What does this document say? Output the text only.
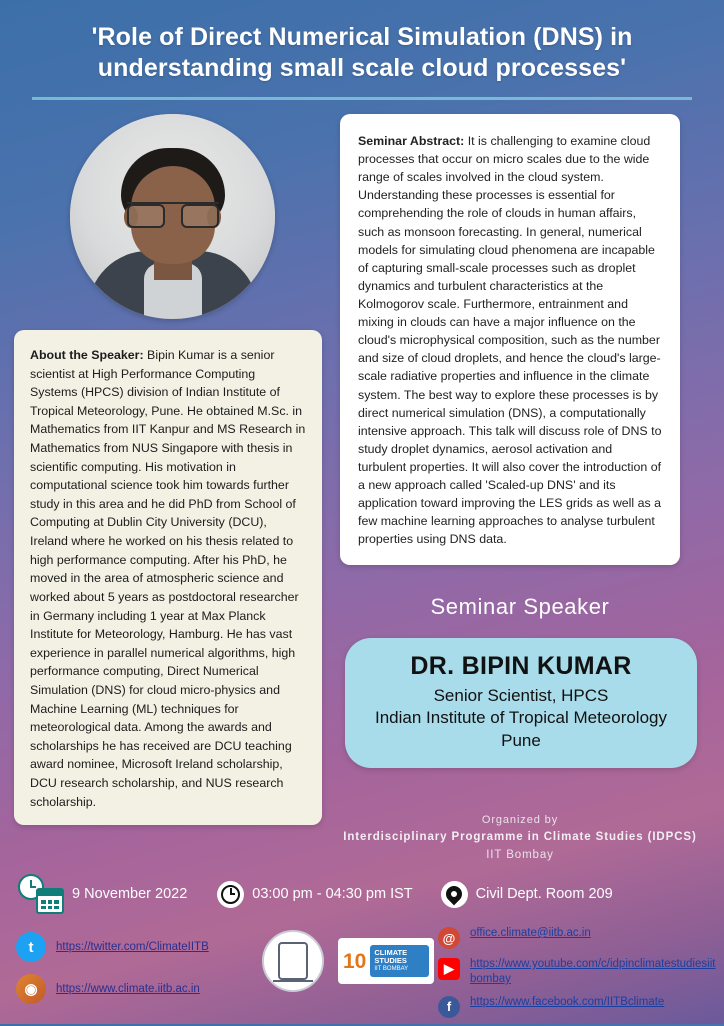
'Role of Direct Numerical Simulation (DNS) in understanding small scale cloud processes'
Seminar Abstract: It is challenging to examine cloud processes that occur on micro scales due to the wide range of scales involved in the cloud system. Understanding these processes is essential for comprehending the role of clouds in human affairs, such as monsoon forecasting. In general, numerical models for simulating cloud phenomena are incapable of capturing small-scale processes such as droplet dynamics and turbulent characteristics at the Kolmogorov scale. Furthermore, entrainment and mixing in clouds can have a major influence on the cloud's microphysical composition, such as the number and size of cloud droplets, and hence the cloud's large-scale radiative properties and influence in the climate system. The best way to explore these processes is by direct numerical simulation (DNS), a computationally intensive approach. This talk will discuss role of DNS to study droplet dynamics, aerosol activation and turbulent properties. It will also cover the introduction of a new approach called 'Scaled-up DNS' and its application toward improving the LES grids as well as a few machine learning approaches to analyse turbulent properties using DNS data.
About the Speaker: Bipin Kumar is a senior scientist at High Performance Computing Systems (HPCS) division of Indian Institute of Tropical Meteorology, Pune. He obtained M.Sc. in Mathematics from IIT Kanpur and MS Research in Mathematics from NUS Singapore with thesis in scientific computing. His motivation in computational science took him towards further study in this area and he did PhD from School of Computing at Dublin City University (DCU), Ireland where he worked on his thesis related to high performance computing. After his PhD, he moved in the area of atmospheric science and worked about 5 years as postdoctoral researcher in Germany including 1 year at Max Planck Institute for Meteorology, Hamburg. He has vast experience in parallel numerical algorithms, high performance computing, Direct Numerical Simulation (DNS) for cloud micro-physics and Machine Learning (ML) techniques for meteorological data. Among the awards and scholarships he has received are DCU teaching award nominee, Microsoft Ireland scholarship, DCU research scholarship, and NUS research scholarship.
Seminar Speaker
DR. BIPIN KUMAR
Senior Scientist, HPCS
Indian Institute of Tropical Meteorology
Pune
Organized by
Interdisciplinary Programme in Climate Studies (IDPCS)
IIT Bombay
9 November 2022	03:00 pm - 04:30 pm IST	Civil Dept. Room 209
t	https://twitter.com/ClimateIITB
◉	https://www.climate.iitb.ac.in
10 CLIMATE STUDIES
IIT BOMBAY
@	office.climate@iitb.ac.in
▶	https://www.youtube.com/c/idpinclimatestudiesiitbombay
f	https://www.facebook.com/IITBclimate
